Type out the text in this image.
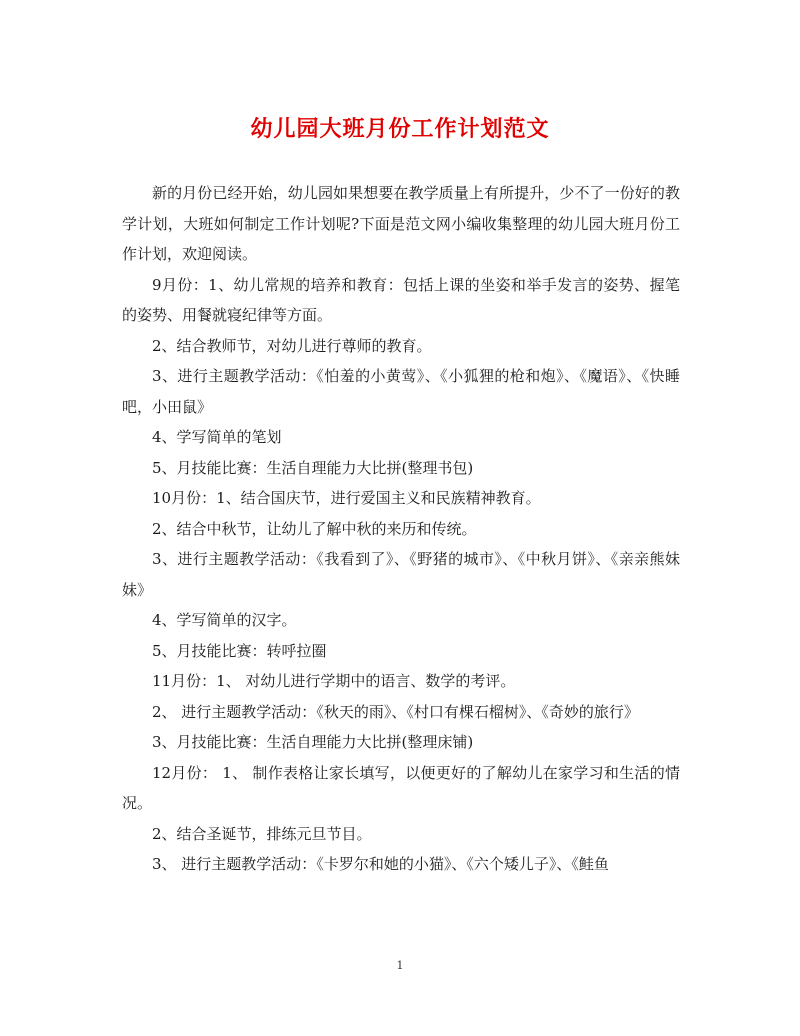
幼儿园大班月份工作计划范文

新的月份已经开始，幼儿园如果想要在教学质量上有所提升，少不了一份好的教学计划，大班如何制定工作计划呢?下面是范文网小编收集整理的幼儿园大班月份工作计划，欢迎阅读。

9月份：1、幼儿常规的培养和教育：包括上课的坐姿和举手发言的姿势、握笔的姿势、用餐就寝纪律等方面。

2、结合教师节，对幼儿进行尊师的教育。

3、进行主题教学活动：《怕羞的小黄莺》、《小狐狸的枪和炮》、《魔语》、《快睡吧，小田鼠》

4、学写简单的笔划

5、月技能比赛：生活自理能力大比拼(整理书包)

10月份：1、结合国庆节，进行爱国主义和民族精神教育。

2、结合中秋节，让幼儿了解中秋的来历和传统。

3、进行主题教学活动：《我看到了》、《野猪的城市》、《中秋月饼》、《亲亲熊妹妹》

4、学写简单的汉字。

5、月技能比赛：转呼拉圈

11月份：1、 对幼儿进行学期中的语言、数学的考评。

2、 进行主题教学活动：《秋天的雨》、《村口有棵石榴树》、《奇妙的旅行》

3、月技能比赛：生活自理能力大比拼(整理床铺)

12月份： 1、 制作表格让家长填写，以便更好的了解幼儿在家学习和生活的情况。

2、结合圣诞节，排练元旦节目。

3、 进行主题教学活动：《卡罗尔和她的小猫》、《六个矮儿子》、《鲑鱼

1
